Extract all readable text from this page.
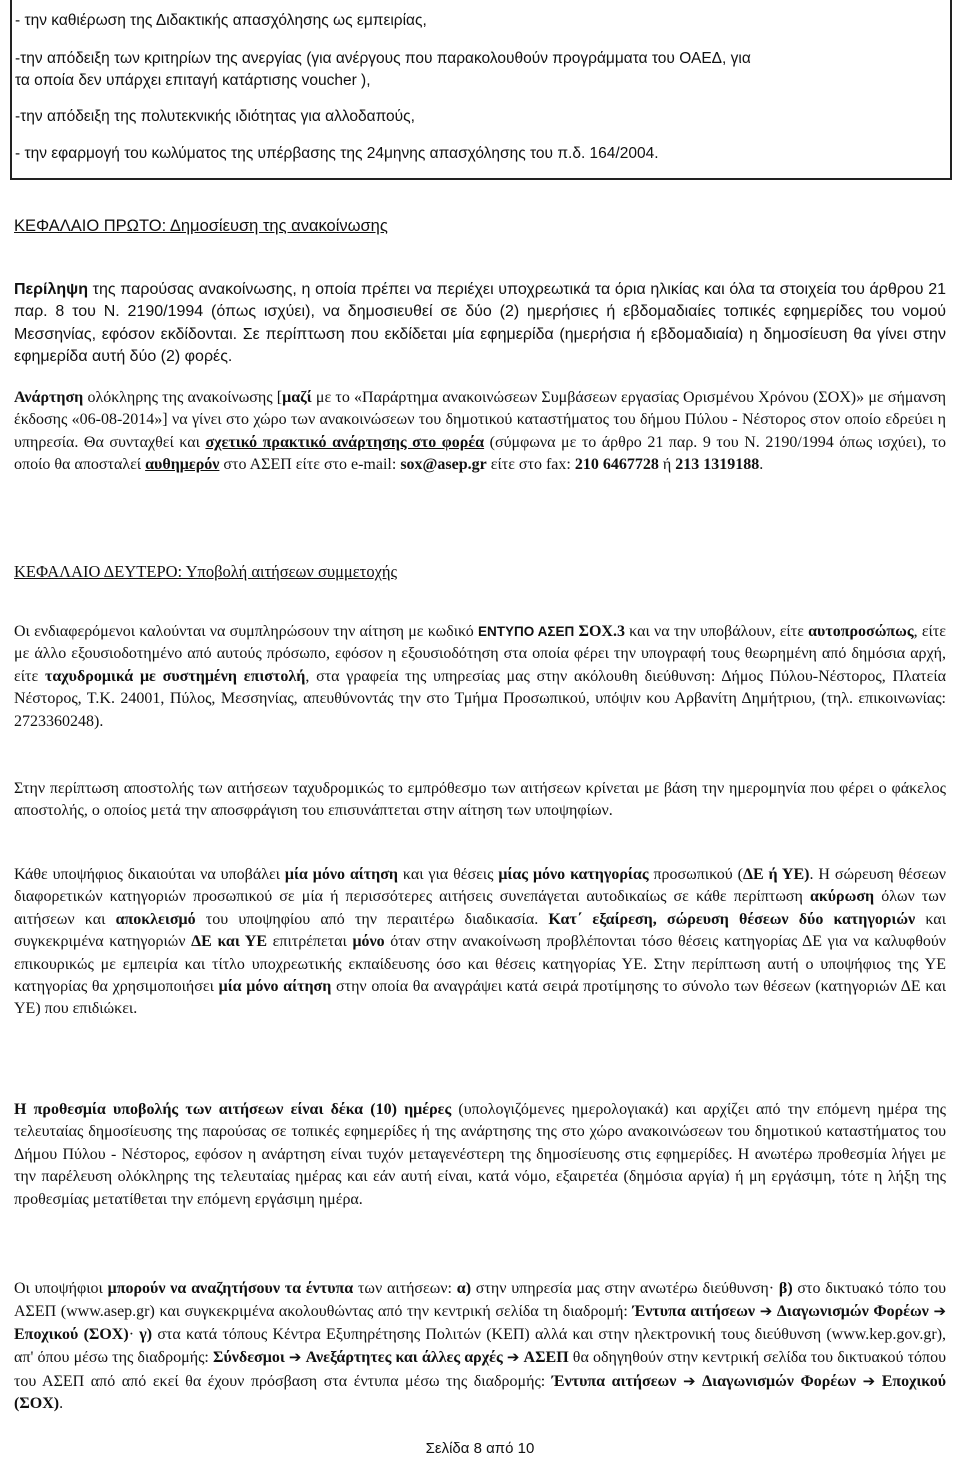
- την καθιέρωση της Διδακτικής απασχόλησης ως εμπειρίας,
-την απόδειξη των κριτηρίων της ανεργίας (για ανέργους που παρακολουθούν προγράμματα του ΟΑΕΔ, για
τα οποία δεν υπάρχει επιταγή κατάρτισης voucher ),
-την απόδειξη της πολυτεκνικής ιδιότητας για αλλοδαπούς,
- την εφαρμογή του κωλύματος της υπέρβασης της 24μηνης απασχόλησης του π.δ. 164/2004.
ΚΕΦΑΛΑΙΟ ΠΡΩΤΟ: Δημοσίευση της ανακοίνωσης

Περίληψη της παρούσας ανακοίνωσης, η οποία πρέπει να περιέχει υποχρεωτικά τα όρια ηλικίας και όλα τα στοιχεία του άρθρου 21 παρ. 8 του Ν. 2190/1994 (όπως ισχύει), να δημοσιευθεί σε δύο (2) ημερήσιες ή εβδομαδιαίες τοπικές εφημερίδες του νομού Μεσσηνίας, εφόσον εκδίδονται. Σε περίπτωση που εκδίδεται μία εφημερίδα (ημερήσια ή εβδομαδιαία) η δημοσίευση θα γίνει στην εφημερίδα αυτή δύο (2) φορές.

Ανάρτηση ολόκληρης της ανακοίνωσης [μαζί με το «Παράρτημα ανακοινώσεων Συμβάσεων εργασίας Ορισμένου Χρόνου (ΣΟΧ)» με σήμανση έκδοσης «06-08-2014»] να γίνει στο χώρο των ανακοινώσεων του δημοτικού καταστήματος του δήμου Πύλου - Νέστορος στον οποίο εδρεύει η υπηρεσία. Θα συνταχθεί και σχετικό πρακτικό ανάρτησης στο φορέα (σύμφωνα με το άρθρο 21 παρ. 9 του Ν. 2190/1994 όπως ισχύει), το οποίο θα αποσταλεί αυθημερόν στο ΑΣΕΠ είτε στο e-mail: sox@asep.gr είτε στο fax: 210 6467728 ή 213 1319188.

ΚΕΦΑΛΑΙΟ ΔΕΥΤΕΡΟ: Υποβολή αιτήσεων συμμετοχής

Οι ενδιαφερόμενοι καλούνται να συμπληρώσουν την αίτηση με κωδικό ΕΝΤΥΠΟ ΑΣΕΠ ΣΟΧ.3 και να την υποβάλουν, είτε αυτοπροσώπως, είτε με άλλο εξουσιοδοτημένο από αυτούς πρόσωπο, εφόσον η εξουσιοδότηση στα οποία φέρει την υπογραφή τους θεωρημένη από δημόσια αρχή, είτε ταχυδρομικά με συστημένη επιστολή, στα γραφεία της υπηρεσίας μας στην ακόλουθη διεύθυνση: Δήμος Πύλου-Νέστορος, Πλατεία Νέστορος, Τ.Κ. 24001, Πύλος, Μεσσηνίας, απευθύνοντάς την στο Τμήμα Προσωπικού, υπόψιν κου Αρβανίτη Δημήτριου, (τηλ. επικοινωνίας: 2723360248).

Στην περίπτωση αποστολής των αιτήσεων ταχυδρομικώς το εμπρόθεσμο των αιτήσεων κρίνεται με βάση την ημερομηνία που φέρει ο φάκελος αποστολής, ο οποίος μετά την αποσφράγιση του επισυνάπτεται στην αίτηση των υποψηφίων.

Κάθε υποψήφιος δικαιούται να υποβάλει μία μόνο αίτηση και για θέσεις μίας μόνο κατηγορίας προσωπικού (ΔΕ ή ΥΕ). Η σώρευση θέσεων διαφορετικών κατηγοριών προσωπικού σε μία ή περισσότερες αιτήσεις συνεπάγεται αυτοδικαίως σε κάθε περίπτωση ακύρωση όλων των αιτήσεων και αποκλεισμό του υποψηφίου από την περαιτέρω διαδικασία. Κατ΄ εξαίρεση, σώρευση θέσεων δύο κατηγοριών και συγκεκριμένα κατηγοριών ΔΕ και ΥΕ επιτρέπεται μόνο όταν στην ανακοίνωση προβλέπονται τόσο θέσεις κατηγορίας ΔΕ για να καλυφθούν επικουρικώς με εμπειρία και τίτλο υποχρεωτικής εκπαίδευσης όσο και θέσεις κατηγορίας ΥΕ. Στην περίπτωση αυτή ο υποψήφιος της ΥΕ κατηγορίας θα χρησιμοποιήσει μία μόνο αίτηση στην οποία θα αναγράψει κατά σειρά προτίμησης το σύνολο των θέσεων (κατηγοριών ΔΕ και ΥΕ) που επιδιώκει.

Η προθεσμία υποβολής των αιτήσεων είναι δέκα (10) ημέρες (υπολογιζόμενες ημερολογιακά) και αρχίζει από την επόμενη ημέρα της τελευταίας δημοσίευσης της παρούσας σε τοπικές εφημερίδες ή της ανάρτησης της στο χώρο ανακοινώσεων του δημοτικού καταστήματος του Δήμου Πύλου - Νέστορος, εφόσον η ανάρτηση είναι τυχόν μεταγενέστερη της δημοσίευσης στις εφημερίδες. Η ανωτέρω προθεσμία λήγει με την παρέλευση ολόκληρης της τελευταίας ημέρας και εάν αυτή είναι, κατά νόμο, εξαιρετέα (δημόσια αργία) ή μη εργάσιμη, τότε η λήξη της προθεσμίας μετατίθεται την επόμενη εργάσιμη ημέρα.

Οι υποψήφιοι μπορούν να αναζητήσουν τα έντυπα των αιτήσεων: α) στην υπηρεσία μας στην ανωτέρω διεύθυνση· β) στο δικτυακό τόπο του ΑΣΕΠ (www.asep.gr) και συγκεκριμένα ακολουθώντας από την κεντρική σελίδα τη διαδρομή: Έντυπα αιτήσεων ➔ Διαγωνισμών Φορέων ➔ Εποχικού (ΣΟΧ)· γ) στα κατά τόπους Κέντρα Εξυπηρέτησης Πολιτών (ΚΕΠ) αλλά και στην ηλεκτρονική τους διεύθυνση (www.kep.gov.gr), απ' όπου μέσω της διαδρομής: Σύνδεσμοι ➔ Ανεξάρτητες και άλλες αρχές ➔ ΑΣΕΠ θα οδηγηθούν στην κεντρική σελίδα του δικτυακού τόπου του ΑΣΕΠ από από εκεί θα έχουν πρόσβαση στα έντυπα μέσω της διαδρομής: Έντυπα αιτήσεων ➔ Διαγωνισμών Φορέων ➔ Εποχικού (ΣΟΧ).

Σελίδα 8 από 10
